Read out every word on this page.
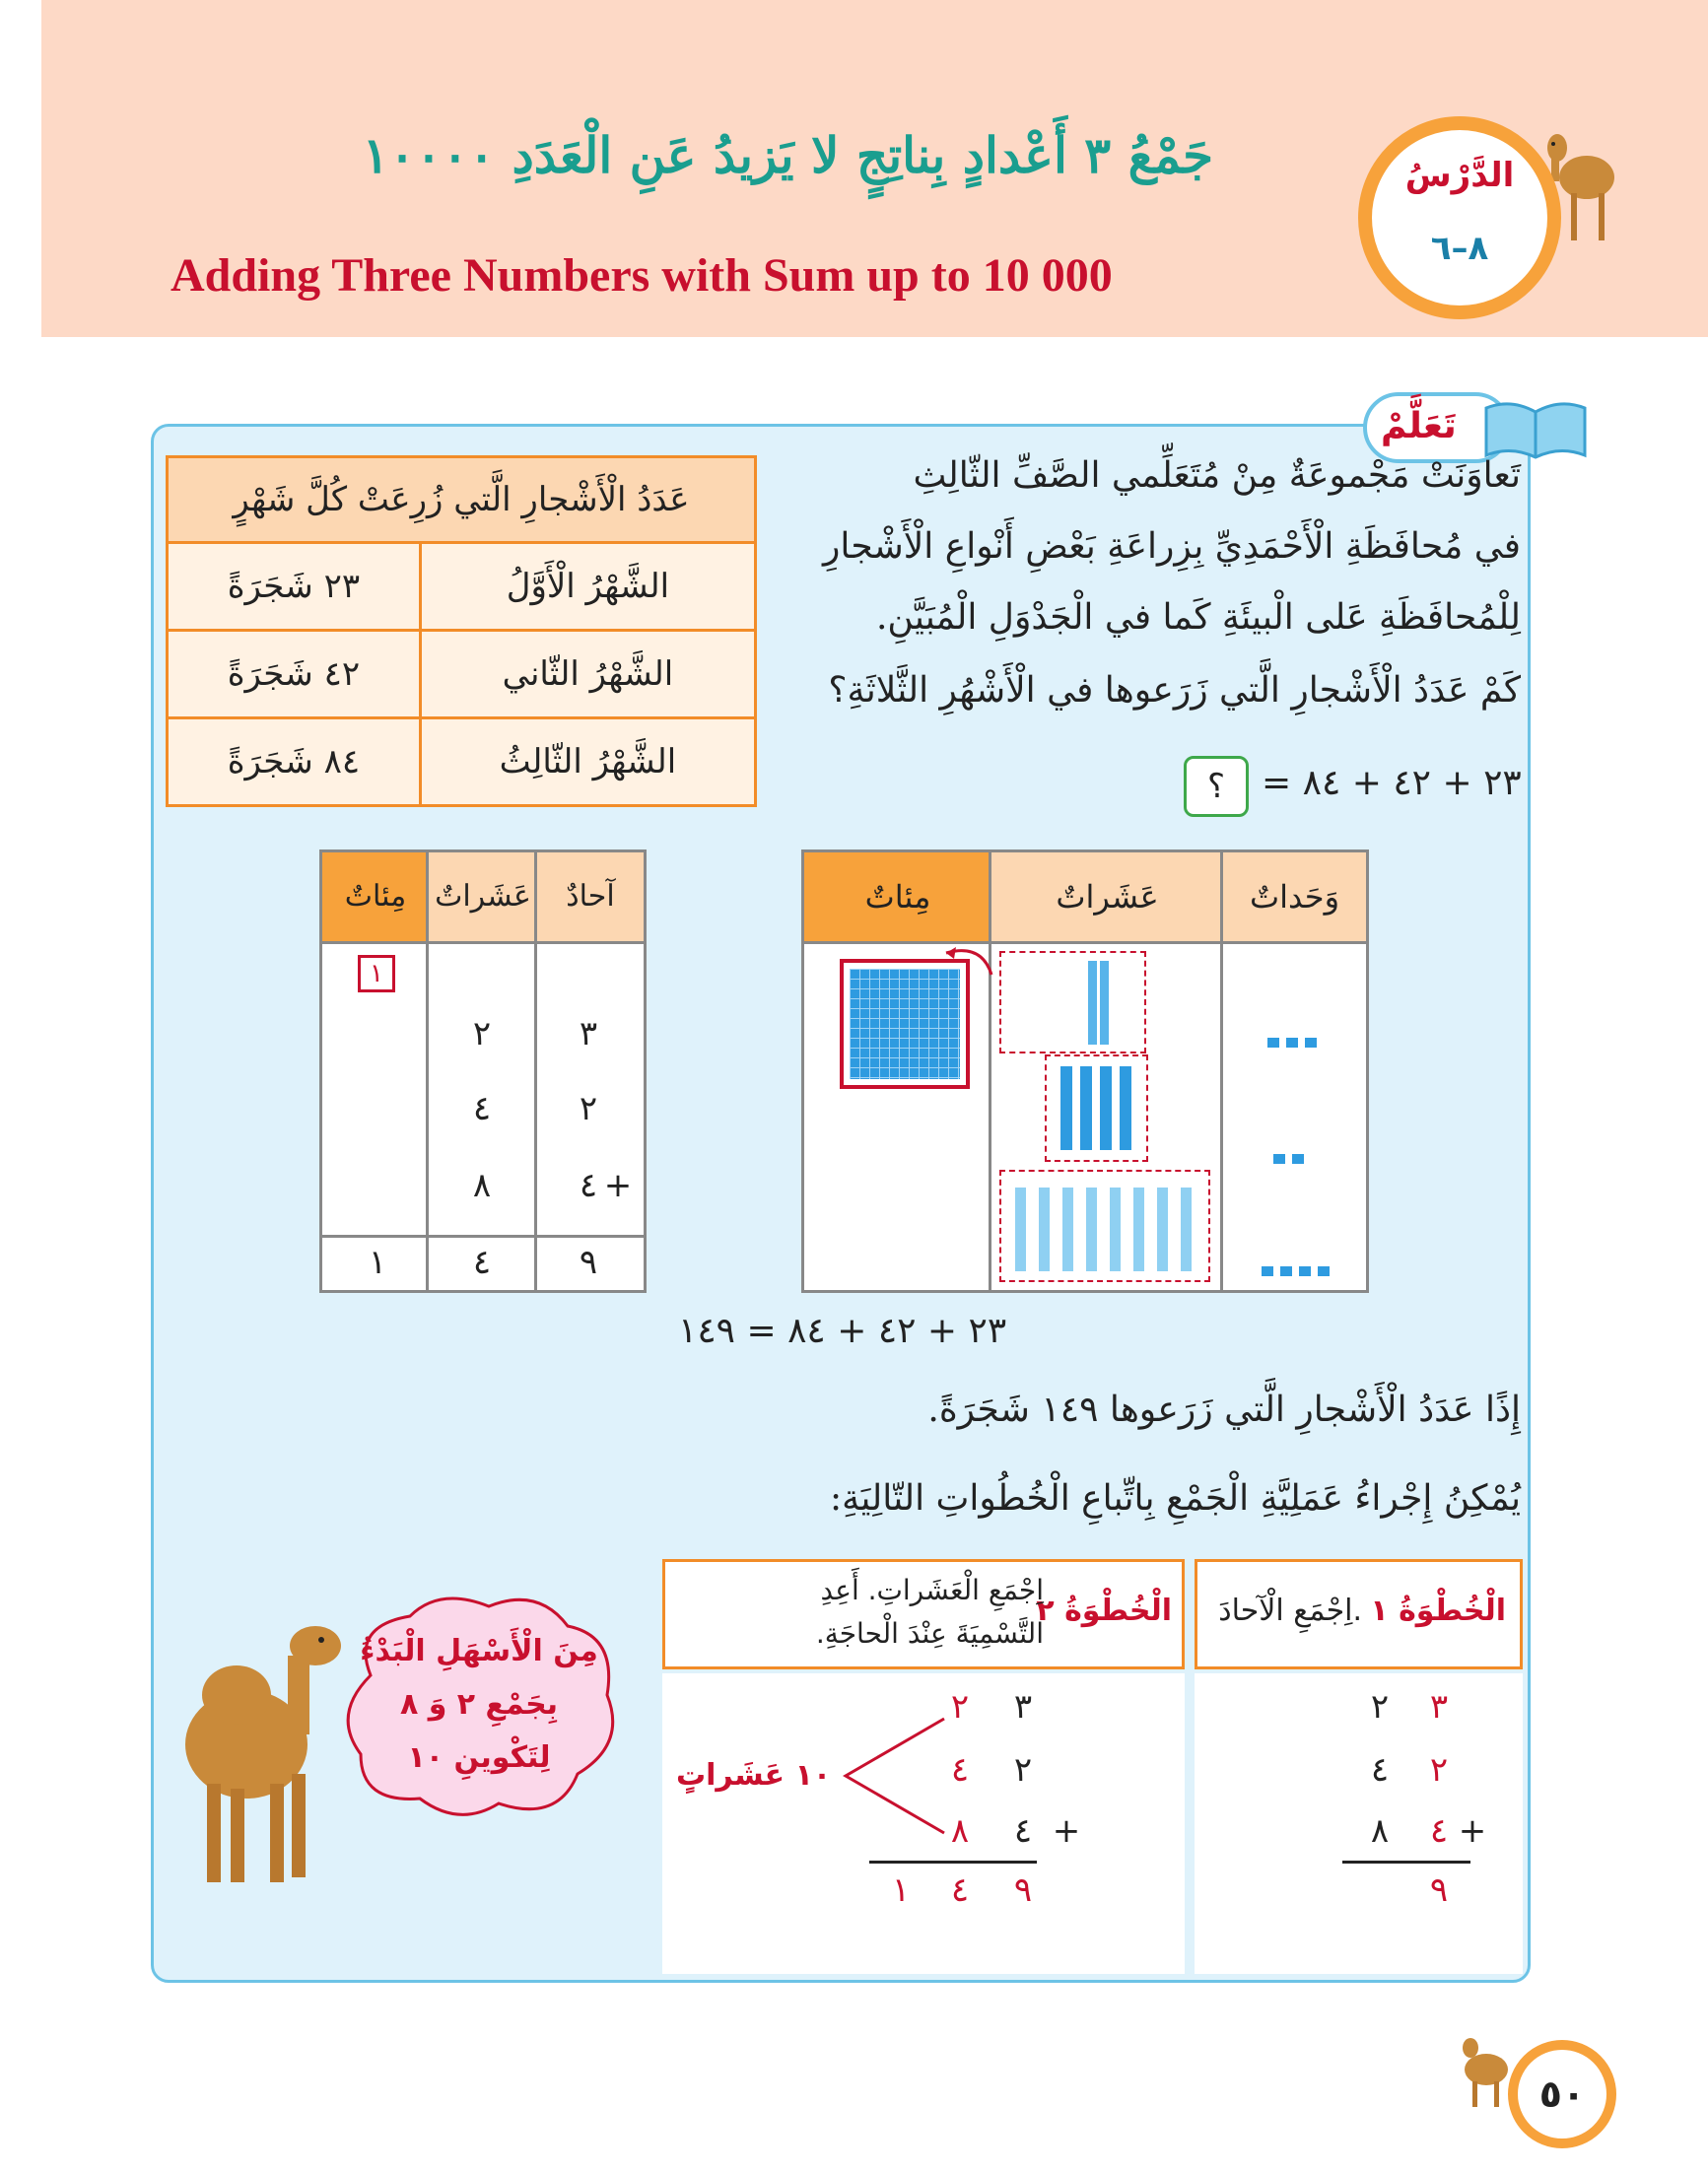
الدَّرْسُ
٨–٦
جَمْعُ ٣ أَعْدادٍ بِناتِجٍ لا يَزيدُ عَنِ الْعَدَدِ ١٠٠٠٠
Adding Three Numbers with Sum up to 10 000
تَعَلَّمْ
تَعاوَنَتْ مَجْموعَةٌ مِنْ مُتَعَلِّمي الصَّفِّ الثّالِثِ
في مُحافَظَةِ الْأَحْمَدِيِّ بِزِراعَةِ بَعْضِ أَنْواعِ الْأَشْجارِ
لِلْمُحافَظَةِ عَلى الْبيئَةِ كَما في الْجَدْوَلِ الْمُبَيَّنِ.
كَمْ عَدَدُ الْأَشْجارِ الَّتي زَرَعوها في الْأَشْهُرِ الثَّلاثَةِ؟
٢٣ + ٤٢ + ٨٤ =
؟
عَدَدُ الْأَشْجارِ الَّتي زُرِعَتْ كُلَّ شَهْرٍ	
٢٣ شَجَرَةً	الشَّهْرُ الْأَوَّلُ
٤٢ شَجَرَةً	الشَّهْرُ الثّاني
٨٤ شَجَرَةً	الشَّهْرُ الثّالِثُ
مِئاتٌ	عَشَراتٌ	وَحَداتٌ
مِئاتٌ عَشَراتٌ	آحادٌ
١
٢	٣
٤	٢
٨	٤ +
١	٤	٩
٢٣ + ٤٢ + ٨٤ = ١٤٩
إِذًا عَدَدُ الْأَشْجارِ الَّتي زَرَعوها ١٤٩ شَجَرَةً.
يُمْكِنُ إِجْراءُ عَمَلِيَّةِ الْجَمْعِ بِاتِّباعِ الْخُطُواتِ التّالِيَةِ:
الْخُطْوَةُ ١
اِجْمَعِ الْآحادَ.
الْخُطْوَةُ ٢
اِجْمَعِ الْعَشَراتِ. أَعِدِ
التَّسْمِيَةَ عِنْدَ الْحاجَةِ.
٢	٣
٤	٢
٨	٤ +
٩
٢	٣
٤	٢
٨	٤ +
١	٤	٩
١٠ عَشَراتٍ
مِنَ الْأَسْهَلِ الْبَدْءُ
بِجَمْعِ ٢ وَ ٨
لِتَكْوينِ ١٠
٥٠
